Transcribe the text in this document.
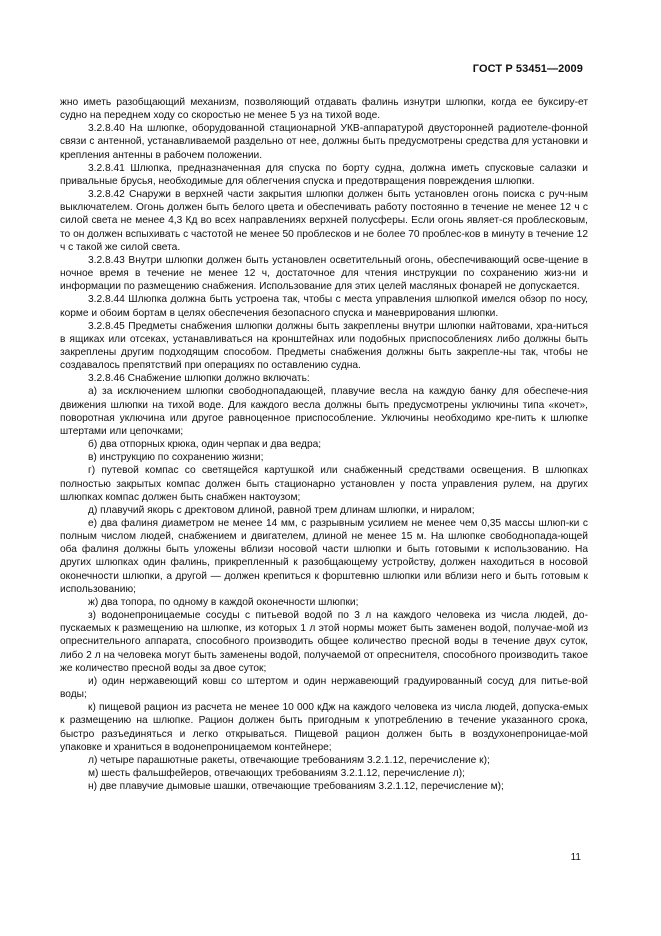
ГОСТ Р 53451—2009

жно иметь разобщающий механизм, позволяющий отдавать фалинь изнутри шлюпки, когда ее буксиру-ет судно на переднем ходу со скоростью не менее 5 уз на тихой воде.

3.2.8.40 На шлюпке, оборудованной стационарной УКВ-аппаратурой двусторонней радиотеле-фонной связи с антенной, устанавливаемой раздельно от нее, должны быть предусмотрены средства для установки и крепления антенны в рабочем положении.

3.2.8.41 Шлюпка, предназначенная для спуска по борту судна, должна иметь спусковые салазки и привальные брусья, необходимые для облегчения спуска и предотвращения повреждения шлюпки.

3.2.8.42 Снаружи в верхней части закрытия шлюпки должен быть установлен огонь поиска с руч-ным выключателем. Огонь должен быть белого цвета и обеспечивать работу постоянно в течение не менее 12 ч с силой света не менее 4,3 Кд во всех направлениях верхней полусферы. Если огонь являет-ся проблесковым, то он должен вспыхивать с частотой не менее 50 проблесков и не более 70 проблес-ков в минуту в течение 12 ч с такой же силой света.

3.2.8.43 Внутри шлюпки должен быть установлен осветительный огонь, обеспечивающий осве-щение в ночное время в течение не менее 12 ч, достаточное для чтения инструкции по сохранению жиз-ни и информации по размещению снабжения. Использование для этих целей масляных фонарей не допускается.

3.2.8.44 Шлюпка должна быть устроена так, чтобы с места управления шлюпкой имелся обзор по носу, корме и обоим бортам в целях обеспечения безопасного спуска и маневрирования шлюпки.

3.2.8.45 Предметы снабжения шлюпки должны быть закреплены внутри шлюпки найтовами, хра-ниться в ящиках или отсеках, устанавливаться на кронштейнах или подобных приспособлениях либо должны быть закреплены другим подходящим способом. Предметы снабжения должны быть закрепле-ны так, чтобы не создавалось препятствий при операциях по оставлению судна.

3.2.8.46 Снабжение шлюпки должно включать:

а) за исключением шлюпки свободнопадающей, плавучие весла на каждую банку для обеспече-ния движения шлюпки на тихой воде. Для каждого весла должны быть предусмотрены уключины типа «кочет», поворотная уключина или другое равноценное приспособление. Уключины необходимо кре-пить к шлюпке штертами или цепочками;

б) два отпорных крюка, один черпак и два ведра;

в) инструкцию по сохранению жизни;

г) путевой компас со светящейся картушкой или снабженный средствами освещения. В шлюпках полностью закрытых компас должен быть стационарно установлен у поста управления рулем, на других шлюпках компас должен быть снабжен нактоузом;

д) плавучий якорь с дректовом длиной, равной трем длинам шлюпки, и ниралом;

е) два фалиня диаметром не менее 14 мм, с разрывным усилием не менее чем 0,35 массы шлюп-ки с полным числом людей, снабжением и двигателем, длиной не менее 15 м. На шлюпке свободнопада-ющей оба фалиня должны быть уложены вблизи носовой части шлюпки и быть готовыми к использованию. На других шлюпках один фалинь, прикрепленный к разобщающему устройству, должен находиться в носовой оконечности шлюпки, а другой — должен крепиться к форштевню шлюпки или вблизи него и быть готовым к использованию;

ж) два топора, по одному в каждой оконечности шлюпки;

з) водонепроницаемые сосуды с питьевой водой по 3 л на каждого человека из числа людей, до-пускаемых к размещению на шлюпке, из которых 1 л этой нормы может быть заменен водой, получае-мой из опреснительного аппарата, способного производить общее количество пресной воды в течение двух суток, либо 2 л на человека могут быть заменены водой, получаемой от опреснителя, способного производить такое же количество пресной воды за двое суток;

и) один нержавеющий ковш со штертом и один нержавеющий градуированный сосуд для питье-вой воды;

к) пищевой рацион из расчета не менее 10 000 кДж на каждого человека из числа людей, допуска-емых к размещению на шлюпке. Рацион должен быть пригодным к употреблению в течение указанного срока, быстро разъединяться и легко открываться. Пищевой рацион должен быть в воздухонепроницае-мой упаковке и храниться в водонепроницаемом контейнере;

л) четыре парашютные ракеты, отвечающие требованиям 3.2.1.12, перечисление к);

м) шесть фальшфейеров, отвечающих требованиям 3.2.1.12, перечисление л);

н) две плавучие дымовые шашки, отвечающие требованиям 3.2.1.12, перечисление м);

11
